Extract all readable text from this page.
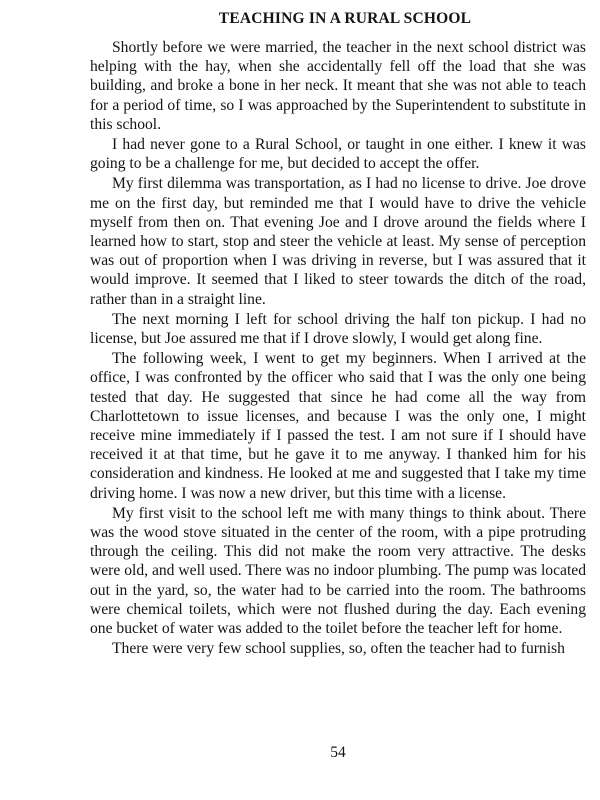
TEACHING IN A RURAL SCHOOL

Shortly before we were married, the teacher in the next school district was helping with the hay, when she accidentally fell off the load that she was building, and broke a bone in her neck. It meant that she was not able to teach for a period of time, so I was approached by the Superintendent to substitute in this school.

I had never gone to a Rural School, or taught in one either. I knew it was going to be a challenge for me, but decided to accept the offer.

My first dilemma was transportation, as I had no license to drive. Joe drove me on the first day, but reminded me that I would have to drive the vehicle myself from then on. That evening Joe and I drove around the fields where I learned how to start, stop and steer the vehicle at least. My sense of perception was out of proportion when I was driving in reverse, but I was assured that it would improve. It seemed that I liked to steer towards the ditch of the road, rather than in a straight line.

The next morning I left for school driving the half ton pickup. I had no license, but Joe assured me that if I drove slowly, I would get along fine.

The following week, I went to get my beginners. When I arrived at the office, I was confronted by the officer who said that I was the only one being tested that day. He suggested that since he had come all the way from Charlottetown to issue licenses, and because I was the only one, I might receive mine immediately if I passed the test. I am not sure if I should have received it at that time, but he gave it to me anyway. I thanked him for his consideration and kindness. He looked at me and suggested that I take my time driving home. I was now a new driver, but this time with a license.

My first visit to the school left me with many things to think about. There was the wood stove situated in the center of the room, with a pipe protruding through the ceiling. This did not make the room very attractive. The desks were old, and well used. There was no indoor plumbing. The pump was located out in the yard, so, the water had to be carried into the room. The bathrooms were chemical toilets, which were not flushed during the day. Each evening one bucket of water was added to the toilet before the teacher left for home.

There were very few school supplies, so, often the teacher had to furnish

54
